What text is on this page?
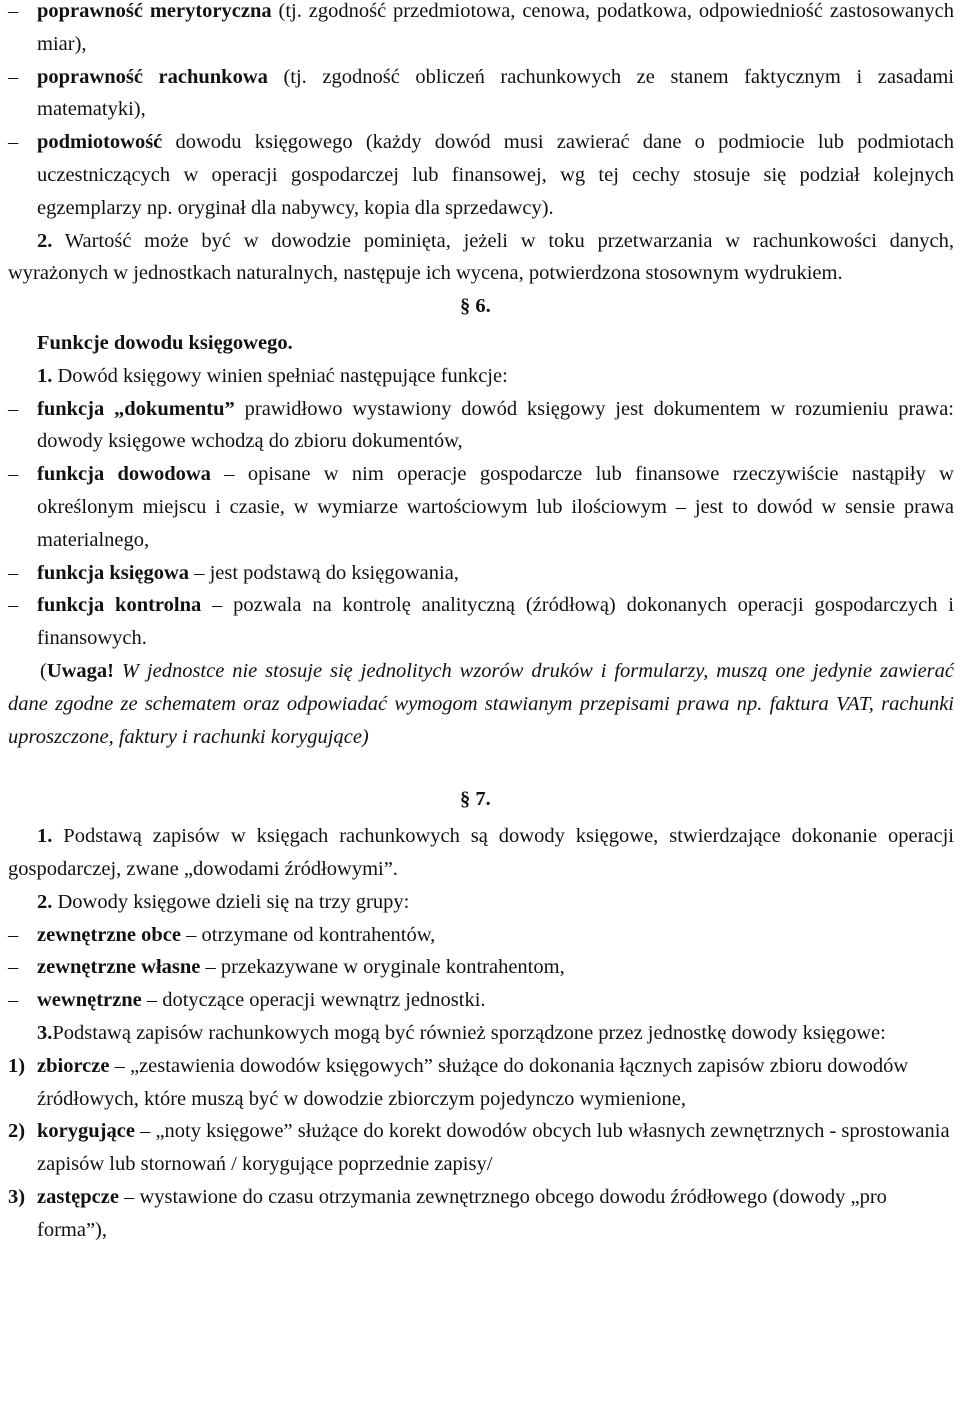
– poprawność merytoryczna (tj. zgodność przedmiotowa, cenowa, podatkowa, odpowiedniość zastosowanych miar),

– poprawność rachunkowa (tj. zgodność obliczeń rachunkowych ze stanem faktycznym i zasadami matematyki),

– podmiotowość dowodu księgowego (każdy dowód musi zawierać dane o podmiocie lub podmiotach uczestniczących w operacji gospodarczej lub finansowej, wg tej cechy stosuje się podział kolejnych egzemplarzy np. oryginał dla nabywcy, kopia dla sprzedawcy).

2. Wartość może być w dowodzie pominięta, jeżeli w toku przetwarzania w rachunkowości danych, wyrażonych w jednostkach naturalnych, następuje ich wycena, potwierdzona stosownym wydrukiem.

§ 6.

Funkcje dowodu księgowego.

1. Dowód księgowy winien spełniać następujące funkcje:

– funkcja „dokumentu” prawidłowo wystawiony dowód księgowy jest dokumentem w rozumieniu prawa: dowody księgowe wchodzą do zbioru dokumentów,

– funkcja dowodowa – opisane w nim operacje gospodarcze lub finansowe rzeczywiście nastąpiły w określonym miejscu i czasie, w wymiarze wartościowym lub ilościowym – jest to dowód w sensie prawa materialnego,

– funkcja księgowa – jest podstawą do księgowania,

– funkcja kontrolna – pozwala na kontrolę analityczną (źródłową) dokonanych operacji gospodarczych i finansowych.

(Uwaga! W jednostce nie stosuje się jednolitych wzorów druków i formularzy, muszą one jedynie zawierać dane zgodne ze schematem oraz odpowiadać wymogom stawianym przepisami prawa np. faktura VAT, rachunki uproszczone, faktury i rachunki korygujące)

§ 7.

1. Podstawą zapisów w księgach rachunkowych są dowody księgowe, stwierdzające dokonanie operacji gospodarczej, zwane „dowodami źródłowymi”.

2. Dowody księgowe dzieli się na trzy grupy:

– zewnętrzne obce – otrzymane od kontrahentów,

– zewnętrzne własne – przekazywane w oryginale kontrahentom,

– wewnętrzne – dotyczące operacji wewnątrz jednostki.

3.Podstawą zapisów rachunkowych mogą być również sporządzone przez jednostkę dowody księgowe:

1) zbiorcze – „zestawienia dowodów księgowych” służące do dokonania łącznych zapisów zbioru dowodów źródłowych, które muszą być w dowodzie zbiorczym pojedynczo wymienione,

2) korygujące – „noty księgowe” służące do korekt dowodów obcych lub własnych zewnętrznych - sprostowania zapisów lub stornowań / korygujące poprzednie zapisy/

3) zastępcze – wystawione do czasu otrzymania zewnętrznego obcego dowodu źródłowego (dowody „pro forma”),
